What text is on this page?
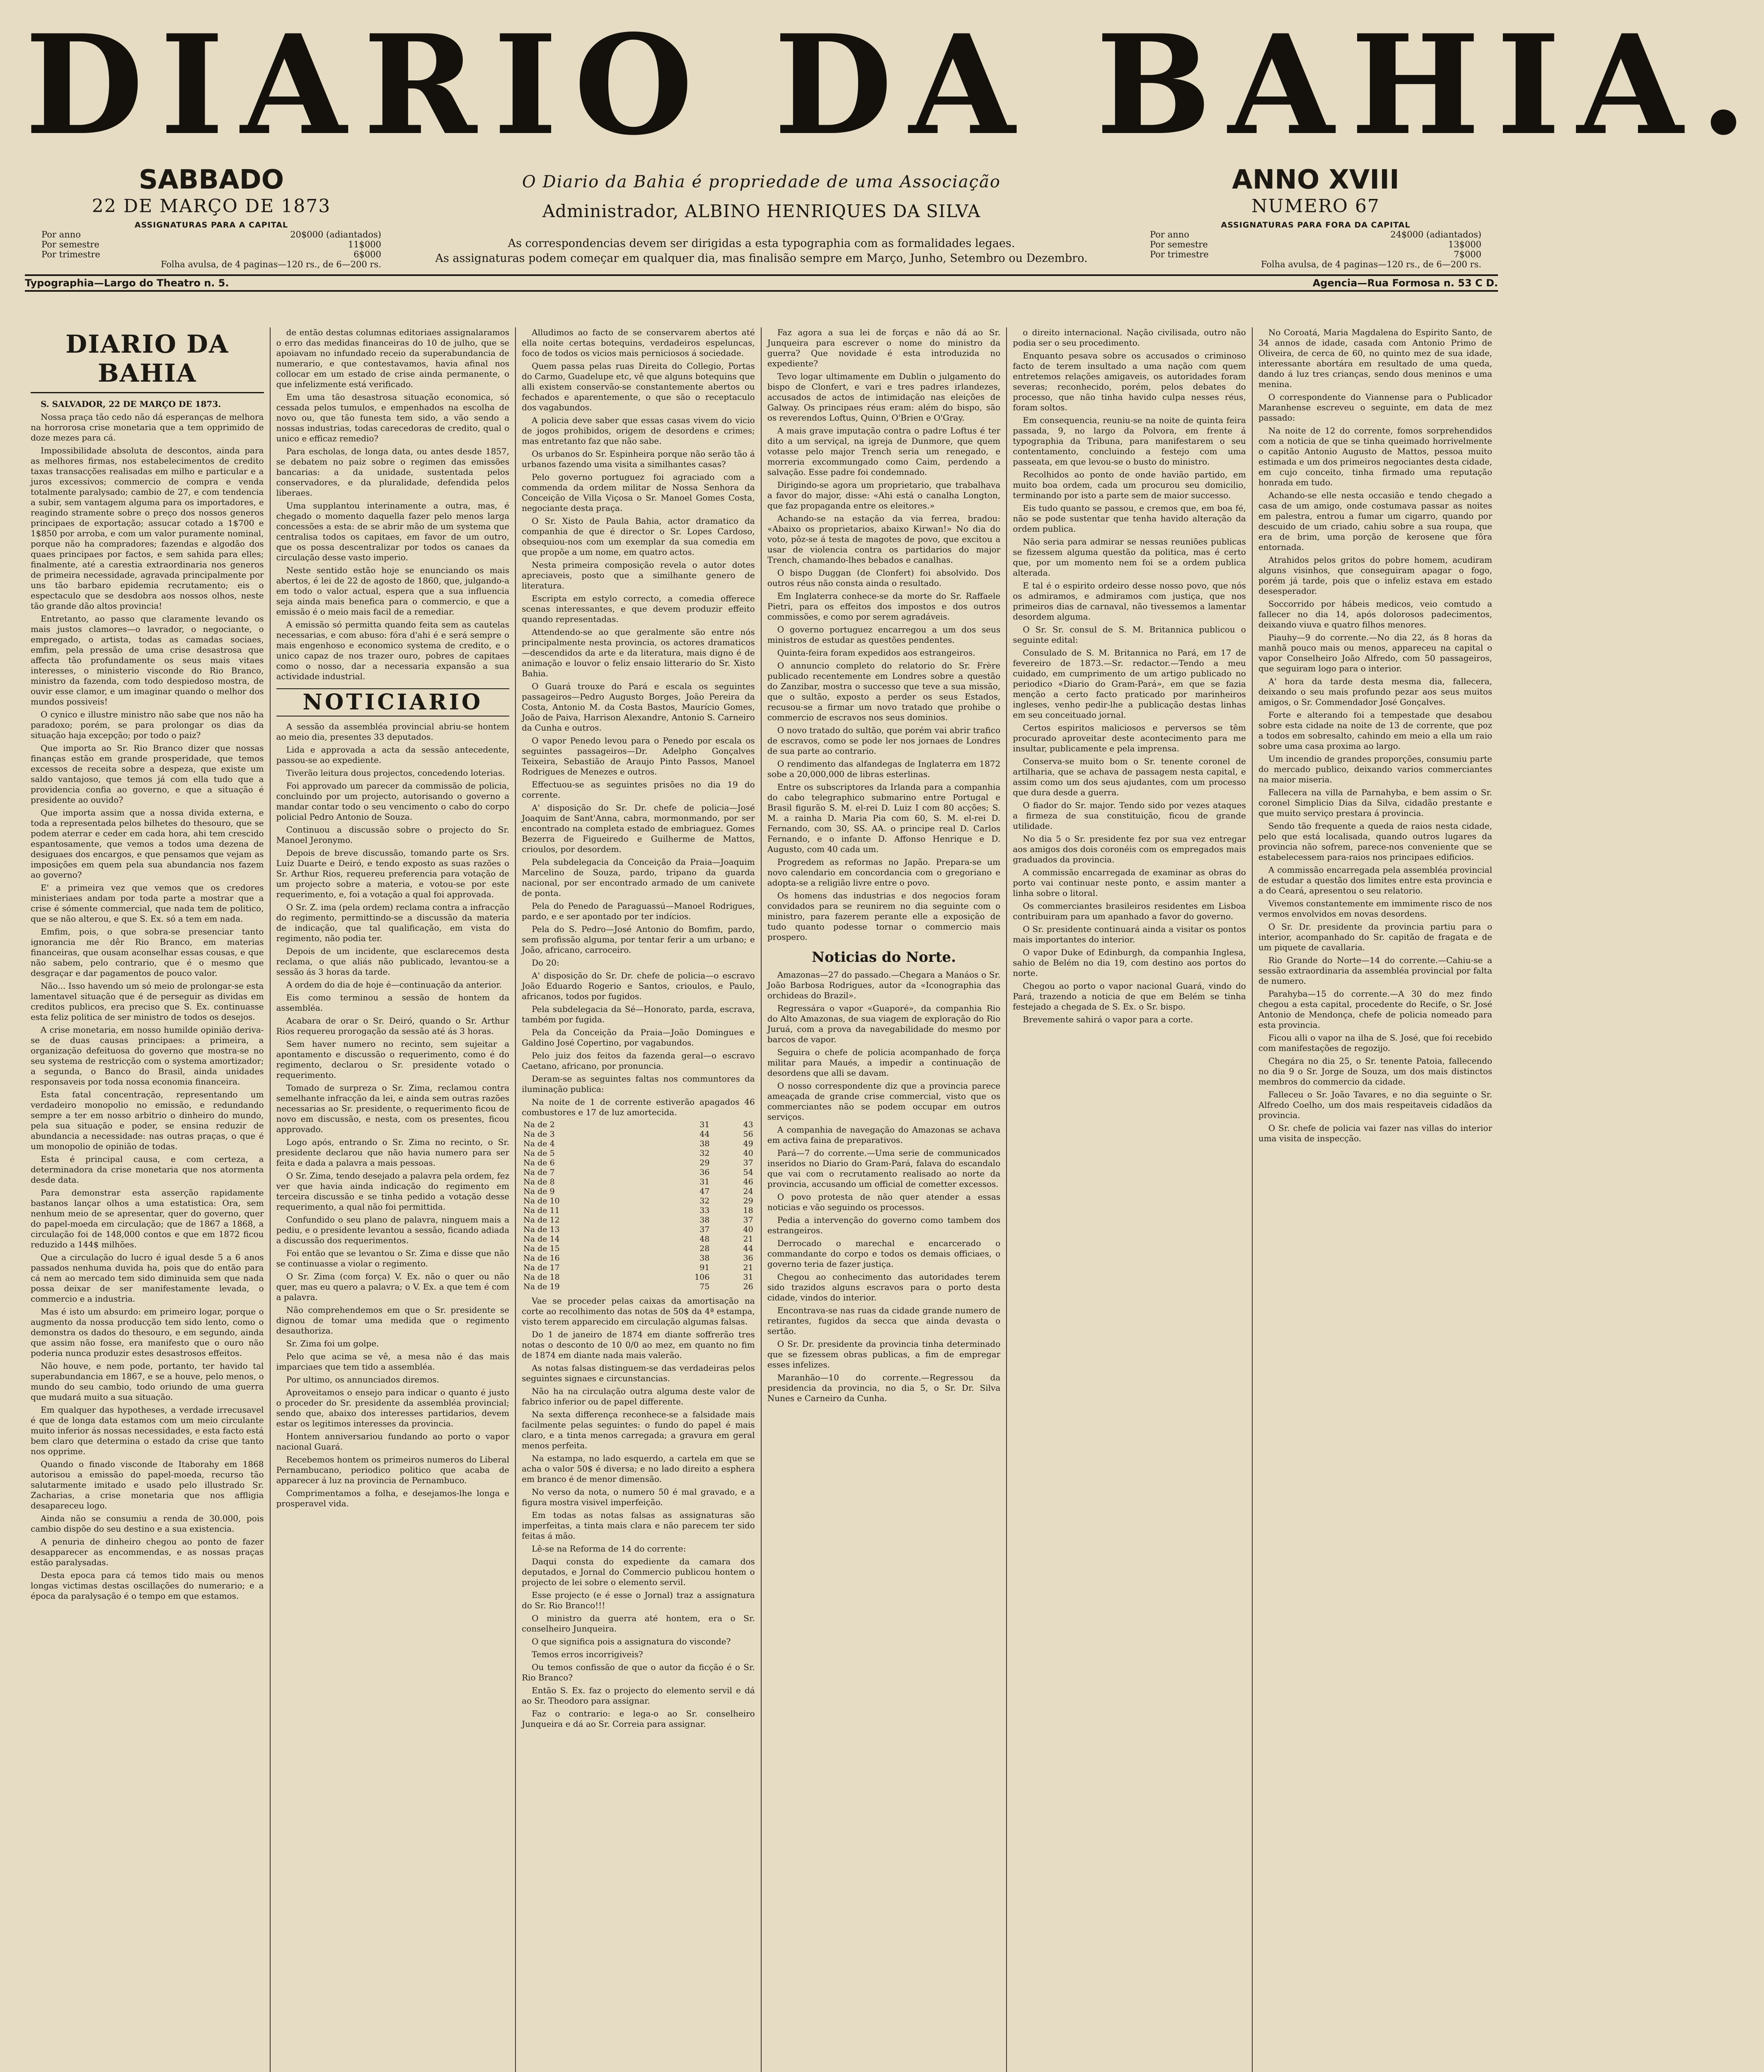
DIARIO DA BAHIA.
SABBADO
22 DE MARÇO DE 1873
ASSIGNATURAS PARA A CAPITAL
Por anno	20$000 (adiantados)
Por semestre	11$000
Por trimestre	6$000
Folha avulsa, de 4 paginas—120 rs., de 6—200 rs.
O Diario da Bahia é propriedade de uma Associação
Administrador, ALBINO HENRIQUES DA SILVA
As correspondencias devem ser dirigidas a esta typographia com as formalidades legaes.
As assignaturas podem começar em qualquer dia, mas finalisão sempre em Março, Junho, Setembro ou Dezembro.
ANNO XVIII
NUMERO 67
ASSIGNATURAS PARA FORA DA CAPITAL
Por anno	24$000 (adiantados)
Por semestre	13$000
Por trimestre	7$000
Folha avulsa, de 4 paginas—120 rs., de 6—200 rs.
Typographia—Largo do Theatro n. 5.	Agencia—Rua Formosa n. 53 C D.
DIARIO DA BAHIA

S. SALVADOR, 22 DE MARÇO DE 1873.

Nossa praça tão cedo não dá esperanças de melhora na horrorosa crise monetaria que a tem opprimido de doze mezes para cá.

Impossibilidade absoluta de descontos, ainda para as melhores firmas, nos estabelecimentos de credito taxas transacções realisadas em milho e particular e a juros excessivos; commercio de compra e venda totalmente paralysado; cambio de 27, e com tendencia a subir, sem vantagem alguma para os importadores, e reagindo stramente sobre o preço dos nossos generos principaes de exportação; assucar cotado a 1$700 e 1$850 por arroba, e com um valor puramente nominal, porque não ha compradores; fazendas e algodão dos quaes principaes por factos, e sem sahida para elles; finalmente, até a carestia extraordinaria nos generos de primeira necessidade, agravada principalmente por uns tão barbaro epidemia recrutamento; eis o espectaculo que se desdobra aos nossos olhos, neste tão grande dão altos provincia!

Entretanto, ao passo que claramente levando os mais justos clamores—o lavrador, o negociante, o empregado, o artista, todas as camadas sociaes, emfim, pela pressão de uma crise desastrosa que affecta tão profundamente os seus mais vitaes interesses, o ministerio visconde do Rio Branco, ministro da fazenda, com todo despiedoso mostra, de ouvir esse clamor, e um imaginar quando o melhor dos mundos possiveis!

O cynico e illustre ministro não sabe que nos não ha paradoxo; porém, se para prolongar os dias da situação haja excepção; por todo o paiz?

Que importa ao Sr. Rio Branco dizer que nossas finanças estão em grande prosperidade, que temos excessos de receita sobre a despeza, que existe um saldo vantajoso, que temos já com ella tudo que a providencia confia ao governo, e que a situação é presidente ao ouvido?

Que importa assim que a nossa divida externa, e toda a representada pelos bilhetes do thesouro, que se podem aterrar e ceder em cada hora, ahi tem crescido espantosamente, que vemos a todos uma dezena de desiguaes dos encargos, e que pensamos que vejam as imposições em quem pela sua abundancia nos fazem ao governo?

E' a primeira vez que vemos que os credores ministeriaes andam por toda parte a mostrar que a crise é sómente commercial, que nada tem de politico, que se não alterou, e que S. Ex. só a tem em nada.

Emfim, pois, o que sobra-se presenciar tanto ignorancia me dêr Rio Branco, em materias financeiras, que ousam aconselhar essas cousas, e que não sabem, pelo contrario, que é o mesmo que desgraçar e dar pagamentos de pouco valor.

Não... Isso havendo um só meio de prolongar-se esta lamentavel situação que é de perseguir as dividas em creditos publicos, era preciso que S. Ex. continuasse esta feliz politica de ser ministro de todos os desejos.

A crise monetaria, em nosso humilde opinião deriva-se de duas causas principaes: a primeira, a organização defeituosa do governo que mostra-se no seu systema de restricção com o systema amortizador; a segunda, o Banco do Brasil, ainda unidades responsaveis por toda nossa economia financeira.

Esta fatal concentração, representando um verdadeiro monopolio no emissão, e redundando sempre a ter em nosso arbitrio o dinheiro do mundo, pela sua situação e poder, se ensina reduzir de abundancia a necessidade: nas outras praças, o que é um monopolio de opinião de todas.

Esta é principal causa, e com certeza, a determinadora da crise monetaria que nos atormenta desde data.

Para demonstrar esta asserção rapidamente bastanos lançar olhos a uma estatistica: Ora, sem nenhum meio de se apresentar, quer do governo, quer do papel-moeda em circulação; que de 1867 a 1868, a circulação foi de 148,000 contos e que em 1872 ficou reduzido a 144$ milhões.

Que a circulação do lucro é igual desde 5 a 6 anos passados nenhuma duvida ha, pois que do então para cá nem ao mercado tem sido diminuida sem que nada possa deixar de ser manifestamente levada, o commercio e a industria.

Mas é isto um absurdo: em primeiro logar, porque o augmento da nossa producção tem sido lento, como o demonstra os dados do thesouro, e em segundo, ainda que assim não fosse, era manifesto que o ouro não poderia nunca produzir estes desastrosos effeitos.

Não houve, e nem pode, portanto, ter havido tal superabundancia em 1867, e se a houve, pelo menos, o mundo do seu cambio, todo oriundo de uma guerra que mudará muito a sua situação.

Em qualquer das hypotheses, a verdade irrecusavel é que de longa data estamos com um meio circulante muito inferior ás nossas necessidades, e esta facto está bem claro que determina o estado da crise que tanto nos opprime.

Quando o finado visconde de Itaborahy em 1868 autorisou a emissão do papel-moeda, recurso tão salutarmente imitado e usado pelo illustrado Sr. Zacharias, a crise monetaria que nos affligia desapareceu logo.

Ainda não se consumiu a renda de 30.000, pois cambio dispõe do seu destino e a sua existencia.

A penuria de dinheiro chegou ao ponto de fazer desapparecer as encommendas, e as nossas praças estão paralysadas.

Desta epoca para cá temos tido mais ou menos longas victimas destas oscillações do numerario; e a época da paralysação é o tempo em que estamos.

de então destas columnas editoriaes assignalaramos o erro das medidas financeiras do 10 de julho, que se apoiavam no infundado receio da superabundancia de numerario, e que contestavamos, havia afinal nos collocar em um estado de crise ainda permanente, o que infelizmente está verificado.

Em uma tão desastrosa situação economica, só cessada pelos tumulos, e empenhados na escolha de novo ou, que tão funesta tem sido, a vão sendo a nossas industrias, todas carecedoras de credito, qual o unico e efficaz remedio?

Para escholas, de longa data, ou antes desde 1857, se debatem no paiz sobre o regimen das emissões bancarias: a da unidade, sustentada pelos conservadores, e da pluralidade, defendida pelos liberaes.

Uma supplantou interinamente a outra, mas, é chegado o momento daquella fazer pelo menos larga concessões a esta: de se abrir mão de um systema que centralisa todos os capitaes, em favor de um outro, que os possa descentralizar por todos os canaes da circulação desse vasto imperio.

Neste sentido estão hoje se enunciando os mais abertos, é lei de 22 de agosto de 1860, que, julgando-a em todo o valor actual, espera que a sua influencia seja ainda mais benefica para o commercio, e que a emissão é o meio mais facil de a remediar.

A emissão só permitta quando feita sem as cautelas necessarias, e com abuso: fóra d'ahi é e será sempre o mais engenhoso e economico systema de credito, e o unico capaz de nos trazer ouro, pobres de capitaes como o nosso, dar a necessaria expansão a sua actividade industrial.

NOTICIARIO

A sessão da assembléa provincial abriu-se hontem ao meio dia, presentes 33 deputados.

Lida e approvada a acta da sessão antecedente, passou-se ao expediente.

Tiverão leitura dous projectos, concedendo loterias.

Foi approvado um parecer da commissão de policia, concluindo por um projecto, autorisando o governo a mandar contar todo o seu vencimento o cabo do corpo policial Pedro Antonio de Souza.

Continuou a discussão sobre o projecto do Sr. Manoel Jeronymo.

Depois de breve discussão, tomando parte os Srs. Luiz Duarte e Deiró, e tendo exposto as suas razões o Sr. Arthur Rios, requereu preferencia para votação de um projecto sobre a materia, e votou-se por este requerimento, e, foi a votação a qual foi approvada.

O Sr. Z. ima (pela ordem) reclama contra a infracção do regimento, permittindo-se a discussão da materia de indicação, que tal qualificação, em vista do regimento, não podia ter.

Depois de um incidente, que esclarecemos desta reclama, o que aliás não publicado, levantou-se a sessão ás 3 horas da tarde.

A ordem do dia de hoje é—continuação da anterior.

Eis como terminou a sessão de hontem da assembléa.

Acabara de orar o Sr. Deiró, quando o Sr. Arthur Rios requereu prorogação da sessão até ás 3 horas.

Sem haver numero no recinto, sem sujeitar a apontamento e discussão o requerimento, como é do regimento, declarou o Sr. presidente votado o requerimento.

Tomado de surpreza o Sr. Zima, reclamou contra semelhante infracção da lei, e ainda sem outras razões necessarias ao Sr. presidente, o requerimento ficou de novo em discussão, e nesta, com os presentes, ficou approvado.

Logo após, entrando o Sr. Zima no recinto, o Sr. presidente declarou que não havia numero para ser feita e dada a palavra a mais pessoas.

O Sr. Zima, tendo desejado a palavra pela ordem, fez ver que havia ainda indicação do regimento em terceira discussão e se tinha pedido a votação desse requerimento, a qual não foi permittida.

Confundido o seu plano de palavra, ninguem mais a pediu, e o presidente levantou a sessão, ficando adiada a discussão dos requerimentos.

Foi então que se levantou o Sr. Zima e disse que não se continuasse a violar o regimento.

O Sr. Zima (com força) V. Ex. não o quer ou não quer, mas eu quero a palavra; o V. Ex. a que tem é com a palavra.

Não comprehendemos em que o Sr. presidente se dignou de tomar uma medida que o regimento desauthoriza.

Sr. Zima foi um golpe.

Pelo que acima se vê, a mesa não é das mais imparciaes que tem tido a assembléa.

Por ultimo, os annunciados diremos.

Aproveitamos o ensejo para indicar o quanto é justo o proceder do Sr. presidente da assembléa provincial; sendo que, abaixo dos interesses partidarios, devem estar os legitimos interesses da provincia.

Hontem anniversariou fundando ao porto o vapor nacional Guará.

Recebemos hontem os primeiros numeros do Liberal Pernambucano, periodico politico que acaba de apparecer á luz na provincia de Pernambuco.

Comprimentamos a folha, e desejamos-lhe longa e prosperavel vida.

Alludimos ao facto de se conservarem abertos até ella noite certas botequins, verdadeiros espeluncas, foco de todos os vicios mais perniciosos á sociedade.

Quem passa pelas ruas Direita do Collegio, Portas do Carmo, Guadelupe etc, vê que alguns botequins que alli existem conservão-se constantemente abertos ou fechados e aparentemente, o que são o receptaculo dos vagabundos.

A policia deve saber que essas casas vivem do vicio de jogos prohibidos, origem de desordens e crimes; mas entretanto faz que não sabe.

Os urbanos do Sr. Espinheira porque não serão tão á urbanos fazendo uma visita a similhantes casas?

Pelo governo portuguez foi agraciado com a commenda da ordem militar de Nossa Senhora da Conceição de Villa Viçosa o Sr. Manoel Gomes Costa, negociante desta praça.

O Sr. Xisto de Paula Bahia, actor dramatico da companhia de que é director o Sr. Lopes Cardoso, obsequiou-nos com um exemplar da sua comedia em que propõe a um nome, em quatro actos.

Nesta primeira composição revela o autor dotes apreciaveis, posto que a similhante genero de literatura.

Escripta em estylo correcto, a comedia offerece scenas interessantes, e que devem produzir effeito quando representadas.

Attendendo-se ao que geralmente são entre nós principalmente nesta provincia, os actores dramaticos —descendidos da arte e da literatura, mais digno é de animação e louvor o feliz ensaio litterario do Sr. Xisto Bahia.

O Guará trouxe do Pará e escala os seguintes passageiros—Pedro Augusto Borges, João Pereira da Costa, Antonio M. da Costa Bastos, Maurício Gomes, João de Paiva, Harrison Alexandre, Antonio S. Carneiro da Cunha e outros.

O vapor Penedo levou para o Penedo por escala os seguintes passageiros—Dr. Adelpho Gonçalves Teixeira, Sebastião de Araujo Pinto Passos, Manoel Rodrigues de Menezes e outros.

Effectuou-se as seguintes prisões no dia 19 do corrente.

A' disposição do Sr. Dr. chefe de policia—José Joaquim de Sant'Anna, cabra, mormonmando, por ser encontrado na completa estado de embriaguez. Gomes Bezerra de Figueiredo e Guilherme de Mattos, crioulos, por desordem.

Pela subdelegacia da Conceição da Praia—Joaquim Marcelino de Souza, pardo, tripano da guarda nacional, por ser encontrado armado de um canivete de ponta.

Pela do Penedo de Paraguassú—Manoel Rodrigues, pardo, e e ser apontado por ter indícios.

Pela do S. Pedro—José Antonio do Bomfim, pardo, sem profissão alguma, por tentar ferir a um urbano; e João, africano, carroceiro.

Do 20:

A' disposição do Sr. Dr. chefe de policia—o escravo João Eduardo Rogerio e Santos, crioulos, e Paulo, africanos, todos por fugidos.

Pela subdelegacia da Sé—Honorato, parda, escrava, também por fugida.

Pela da Conceição da Praia—João Domingues e Galdino José Copertino, por vagabundos.

Pelo juiz dos feitos da fazenda geral—o escravo Caetano, africano, por pronuncia.

Deram-se as seguintes faltas nos communtores da iluminação publica:

Na noite de 1 de corrente estiverão apagados 46 combustores e 17 de luz amortecida.

Na de 2	31	43
Na de 3	44	56
Na de 4	38	49
Na de 5	32	40
Na de 6	29	37
Na de 7	36	54
Na de 8	31	46
Na de 9	47	24
Na de 10	32	29
Na de 11	33	18
Na de 12	38	37
Na de 13	37	40
Na de 14	48	21
Na de 15	28	44
Na de 16	38	36
Na de 17	91	21
Na de 18	106	31
Na de 19	75	26

Vae se proceder pelas caixas da amortisação na corte ao recolhimento das notas de 50$ da 4ª estampa, visto terem apparecido em circulação algumas falsas.

Do 1 de janeiro de 1874 em diante soffrerão tres notas o desconto de 10 0/0 ao mez, em quanto no fim de 1874 em diante nada mais valerão.

As notas falsas distinguem-se das verdadeiras pelos seguintes signaes e circunstancias.

Não ha na circulação outra alguma deste valor de fabrico inferior ou de papel differente.

Na sexta differença reconhece-se a falsidade mais facilmente pelas seguintes: o fundo do papel é mais claro, e a tinta menos carregada; a gravura em geral menos perfeita.

Na estampa, no lado esquerdo, a cartela em que se acha o valor 50$ é diversa; e no lado direito a esphera em branco é de menor dimensão.

No verso da nota, o numero 50 é mal gravado, e a figura mostra visivel imperfeição.

Em todas as notas falsas as assignaturas são imperfeitas, a tinta mais clara e não parecem ter sido feitas á mão.

Lê-se na Reforma de 14 do corrente:

Daqui consta do expediente da camara dos deputados, e Jornal do Commercio publicou hontem o projecto de lei sobre o elemento servil.

Esse projecto (e é esse o Jornal) traz a assignatura do Sr. Rio Branco!!!

O ministro da guerra até hontem, era o Sr. conselheiro Junqueira.

O que significa pois a assignatura do visconde?

Temos erros incorrigiveis?

Ou temos confissão de que o autor da ficção é o Sr. Rio Branco?

Então S. Ex. faz o projecto do elemento servil e dá ao Sr. Theodoro para assignar.

Faz o contrario: e lega-o ao Sr. conselheiro Junqueira e dá ao Sr. Correia para assignar.

Faz agora a sua lei de forças e não dá ao Sr. Junqueira para escrever o nome do ministro da guerra? Que novidade é esta introduzida no expediente?

Tevo logar ultimamente em Dublin o julgamento do bispo de Clonfert, e vari e tres padres irlandezes, accusados de actos de intimidação nas eleições de Galway. Os principaes réus eram: além do bispo, são os reverendos Loftus, Quinn, O'Brien e O'Gray.

A mais grave imputação contra o padre Loftus é ter dito a um serviçal, na igreja de Dunmore, que quem votasse pelo major Trench seria um renegado, e morreria excommungado como Caim, perdendo a salvação. Esse padre foi condemnado.

Dirigindo-se agora um proprietario, que trabalhava a favor do major, disse: «Ahi está o canalha Longton, que faz propaganda entre os eleitores.»

Achando-se na estação da via ferrea, bradou: «Abaixo os proprietarios, abaixo Kirwan!» No dia do voto, pôz-se á testa de magotes de povo, que excitou a usar de violencia contra os partidarios do major Trench, chamando-lhes bebados e canalhas.

O bispo Duggan (de Clonfert) foi absolvido. Dos outros réus não consta ainda o resultado.

Em Inglaterra conhece-se da morte do Sr. Raffaele Pietri, para os effeitos dos impostos e dos outros commissões, e como por serem agradáveis.

O governo portuguez encarregou a um dos seus ministros de estudar as questões pendentes.

Quinta-feira foram expedidos aos estrangeiros.

O annuncio completo do relatorio do Sr. Frère publicado recentemente em Londres sobre a questão do Zanzibar, mostra o successo que teve a sua missão, que o sultão, exposto a perder os seus Estados, recusou-se a firmar um novo tratado que prohibe o commercio de escravos nos seus dominios.

O novo tratado do sultão, que porém vai abrir trafico de escravos, como se pode ler nos jornaes de Londres de sua parte ao contrario.

O rendimento das alfandegas de Inglaterra em 1872 sobe a 20,000,000 de libras esterlinas.

Entre os subscriptores da Irlanda para a companhia do cabo telegraphico submarino entre Portugal e Brasil figurão S. M. el-rei D. Luiz I com 80 acções; S. M. a rainha D. Maria Pia com 60, S. M. el-rei D. Fernando, com 30, SS. AA. o principe real D. Carlos Fernando, e o infante D. Affonso Henrique e D. Augusto, com 40 cada um.

Progredem as reformas no Japão. Prepara-se um novo calendario em concordancia com o gregoriano e adopta-se a religião livre entre o povo.

Os homens das industrias e dos negocios foram convidados para se reunirem no dia seguinte com o ministro, para fazerem perante elle a exposição de tudo quanto podesse tornar o commercio mais prospero.

Noticias do Norte.

Amazonas—27 do passado.—Chegara a Manáos o Sr. João Barbosa Rodrigues, autor da «Iconographia das orchideas do Brazil».

Regressára o vapor «Guaporé», da companhia Rio do Alto Amazonas, de sua viagem de exploração do Rio Juruá, com a prova da navegabilidade do mesmo por barcos de vapor.

Seguira o chefe de policia acompanhado de força militar para Maués, a impedir a continuação de desordens que alli se davam.

O nosso correspondente diz que a provincia parece ameaçada de grande crise commercial, visto que os commerciantes não se podem occupar em outros serviços.

A companhia de navegação do Amazonas se achava em activa faina de preparativos.

Pará—7 do corrente.—Uma serie de communicados inseridos no Diario do Gram-Pará, falava do escandalo que vai com o recrutamento realisado ao norte da provincia, accusando um official de cometter excessos.

O povo protesta de não quer atender a essas noticias e vão seguindo os processos.

Pedia a intervenção do governo como tambem dos estrangeiros.

Derrocado o marechal e encarcerado o commandante do corpo e todos os demais officiaes, o governo teria de fazer justiça.

Chegou ao conhecimento das autoridades terem sido trazidos alguns escravos para o porto desta cidade, vindos do interior.

Encontrava-se nas ruas da cidade grande numero de retirantes, fugidos da secca que ainda devasta o sertão.

O Sr. Dr. presidente da provincia tinha determinado que se fizessem obras publicas, a fim de empregar esses infelizes.

Maranhão—10 do corrente.—Regressou da presidencia da provincia, no dia 5, o Sr. Dr. Silva Nunes e Carneiro da Cunha.

o direito internacional. Nação civilisada, outro não podia ser o seu procedimento.

Enquanto pesava sobre os accusados o criminoso facto de terem insultado a uma nação com quem entretemos relações amigaveis, os autoridades foram severas; reconhecido, porém, pelos debates do processo, que não tinha havido culpa nesses réus, foram soltos.

Em consequencia, reuniu-se na noite de quinta feira passada, 9, no largo da Polvora, em frente á typographia da Tribuna, para manifestarem o seu contentamento, concluindo a festejo com uma passeata, em que levou-se o busto do ministro.

Recolhidos ao ponto de onde havião partido, em muito boa ordem, cada um procurou seu domicilio, terminando por isto a parte sem de maior successo.

Eis tudo quanto se passou, e cremos que, em boa fé, não se pode sustentar que tenha havido alteração da ordem publica.

Não seria para admirar se nessas reuniões publicas se fizessem alguma questão da politica, mas é certo que, por um momento nem foi se a ordem publica alterada.

E tal é o espirito ordeiro desse nosso povo, que nós os admiramos, e admiramos com justiça, que nos primeiros dias de carnaval, não tivessemos a lamentar desordem alguma.

O Sr. Sr. consul de S. M. Britannica publicou o seguinte edital:

Consulado de S. M. Britannica no Pará, em 17 de fevereiro de 1873.—Sr. redactor.—Tendo a meu cuidado, em cumprimento de um artigo publicado no periodico «Diario do Gram-Pará», em que se fazia menção a certo facto praticado por marinheiros ingleses, venho pedir-lhe a publicação destas linhas em seu conceituado jornal.

Certos espiritos maliciosos e perversos se têm procurado aproveitar deste acontecimento para me insultar, publicamente e pela imprensa.

Conserva-se muito bom o Sr. tenente coronel de artilharia, que se achava de passagem nesta capital, e assim como um dos seus ajudantes, com um processo que dura desde a guerra.

O fiador do Sr. major. Tendo sido por vezes ataques a firmeza de sua constituição, ficou de grande utilidade.

No dia 5 o Sr. presidente fez por sua vez entregar aos amigos dos dois coronéis com os empregados mais graduados da provincia.

A commissão encarregada de examinar as obras do porto vai continuar neste ponto, e assim manter a linha sobre o litoral.

Os commerciantes brasileiros residentes em Lisboa contribuiram para um apanhado a favor do governo.

O Sr. presidente continuará ainda a visitar os pontos mais importantes do interior.

O vapor Duke of Edinburgh, da companhia Inglesa, sahio de Belém no dia 19, com destino aos portos do norte.

Chegou ao porto o vapor nacional Guará, vindo do Pará, trazendo a noticia de que em Belém se tinha festejado a chegada de S. Ex. o Sr. bispo.

Brevemente sahirá o vapor para a corte.

No Coroatá, Maria Magdalena do Espirito Santo, de 34 annos de idade, casada com Antonio Primo de Oliveira, de cerca de 60, no quinto mez de sua idade, interessante abortára em resultado de uma queda, dando á luz tres crianças, sendo dous meninos e uma menina.

O correspondente do Viannense para o Publicador Maranhense escreveu o seguinte, em data de mez passado:

Na noite de 12 do corrente, fomos sorprehendidos com a noticia de que se tinha queimado horrivelmente o capitão Antonio Augusto de Mattos, pessoa muito estimada e um dos primeiros negociantes desta cidade, em cujo conceito, tinha firmado uma reputação honrada em tudo.

Achando-se elle nesta occasião e tendo chegado a casa de um amigo, onde costumava passar as noites em palestra, entrou a fumar um cigarro, quando por descuido de um criado, cahiu sobre a sua roupa, que era de brim, uma porção de kerosene que fôra entornada.

Atrahidos pelos gritos do pobre homem, acudiram alguns visinhos, que conseguiram apagar o fogo, porém já tarde, pois que o infeliz estava em estado desesperador.

Soccorrido por hábeis medicos, veio comtudo a fallecer no dia 14, após dolorosos padecimentos, deixando viuva e quatro filhos menores.

Piauhy—9 do corrente.—No dia 22, ás 8 horas da manhã pouco mais ou menos, appareceu na capital o vapor Conselheiro João Alfredo, com 50 passageiros, que seguiram logo para o interior.

A' hora da tarde desta mesma dia, fallecera, deixando o seu mais profundo pezar aos seus muitos amigos, o Sr. Commendador José Gonçalves.

Forte e alterando foi a tempestade que desabou sobre esta cidade na noite de 13 de corrente, que poz a todos em sobresalto, cahindo em meio a ella um raio sobre uma casa proxima ao largo.

Um incendio de grandes proporções, consumiu parte do mercado publico, deixando varios commerciantes na maior miseria.

Fallecera na villa de Parnahyba, e bem assim o Sr. coronel Simplicio Dias da Silva, cidadão prestante e que muito serviço prestara á provincia.

Sendo tão frequente a queda de raios nesta cidade, pelo que está localisada, quando outros lugares da provincia não sofrem, parece-nos conveniente que se estabelecessem para-raios nos principaes edificios.

A commissão encarregada pela assembléa provincial de estudar a questão dos limites entre esta provincia e a do Ceará, apresentou o seu relatorio.

Vivemos constantemente em immimente risco de nos vermos envolvidos em novas desordens.

O Sr. Dr. presidente da provincia partiu para o interior, acompanhado do Sr. capitão de fragata e de um piquete de cavallaria.

Rio Grande do Norte—14 do corrente.—Cahiu-se a sessão extraordinaria da assembléa provincial por falta de numero.

Parahyba—15 do corrente.—A 30 do mez findo chegou a esta capital, procedente do Recife, o Sr. José Antonio de Mendonça, chefe de policia nomeado para esta provincia.

Ficou alli o vapor na ilha de S. José, que foi recebido com manifestações de regozijo.

Chegára no dia 25, o Sr. tenente Patoia, fallecendo no dia 9 o Sr. Jorge de Souza, um dos mais distinctos membros do commercio da cidade.

Falleceu o Sr. João Tavares, e no dia seguinte o Sr. Alfredo Coelho, um dos mais respeitaveis cidadãos da provincia.

O Sr. chefe de policia vai fazer nas villas do interior uma visita de inspecção.
